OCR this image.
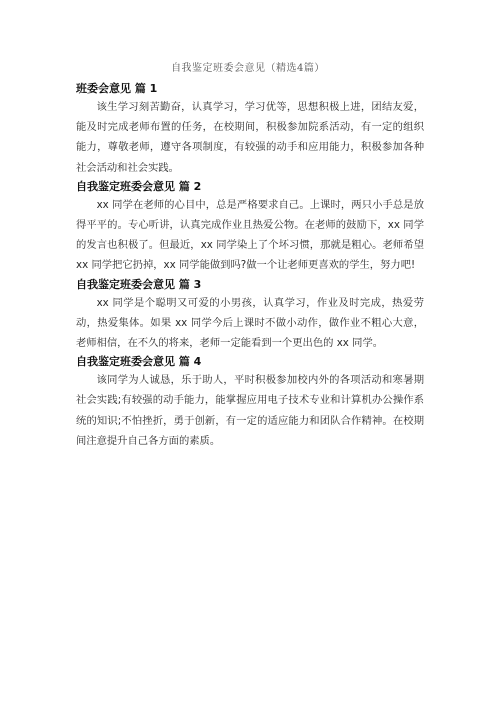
自我鉴定班委会意见（精选4篇）

班委会意见 篇 1

该生学习刻苦勤奋，认真学习，学习优等，思想积极上进，团结友爱，能及时完成老师布置的任务，在校期间，积极参加院系活动，有一定的组织能力，尊敬老师，遵守各项制度，有较强的动手和应用能力，积极参加各种社会活动和社会实践。

自我鉴定班委会意见 篇 2

xx 同学在老师的心目中，总是严格要求自己。上课时，两只小手总是放得平平的。专心听讲，认真完成作业且热爱公物。在老师的鼓励下，xx 同学的发言也积极了。但最近，xx 同学染上了个坏习惯，那就是粗心。老师希望 xx 同学把它扔掉，xx 同学能做到吗?做一个让老师更喜欢的学生，努力吧!

自我鉴定班委会意见 篇 3

xx 同学是个聪明又可爱的小男孩，认真学习，作业及时完成，热爱劳动，热爱集体。如果 xx 同学今后上课时不做小动作，做作业不粗心大意，老师相信，在不久的将来，老师一定能看到一个更出色的 xx 同学。

自我鉴定班委会意见 篇 4

该同学为人诚恳，乐于助人，平时积极参加校内外的各项活动和寒暑期社会实践;有较强的动手能力，能掌握应用电子技术专业和计算机办公操作系统的知识;不怕挫折，勇于创新，有一定的适应能力和团队合作精神。在校期间注意提升自己各方面的素质。
